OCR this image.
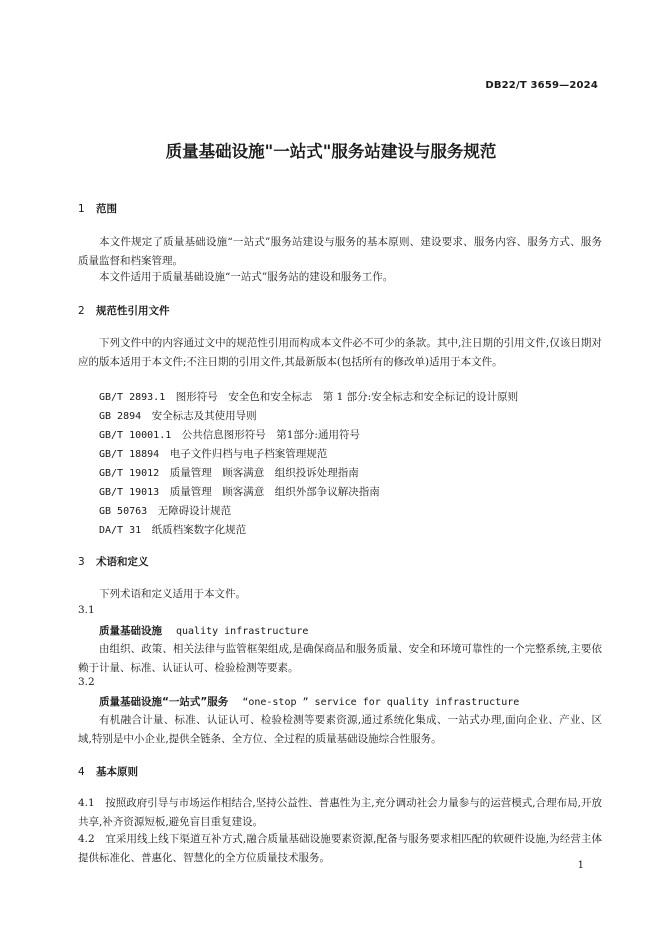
DB22/T 3659—2024
质量基础设施"一站式"服务站建设与服务规范
1 范围
本文件规定了质量基础设施“一站式”服务站建设与服务的基本原则、建设要求、服务内容、服务方式、服务质量监督和档案管理。
本文件适用于质量基础设施“一站式”服务站的建设和服务工作。
2 规范性引用文件
下列文件中的内容通过文中的规范性引用而构成本文件必不可少的条款。其中,注日期的引用文件,仅该日期对应的版本适用于本文件;不注日期的引用文件,其最新版本(包括所有的修改单)适用于本文件。
GB/T 2893.1　 图形符号　安全色和安全标志　第 1 部分:安全标志和安全标记的设计原则
GB 2894　 安全标志及其使用导则
GB/T 10001.1　 公共信息图形符号　第1部分:通用符号
GB/T 18894　 电子文件归档与电子档案管理规范
GB/T 19012　 质量管理　顾客满意　组织投诉处理指南
GB/T 19013　 质量管理　顾客满意　组织外部争议解决指南
GB 50763　 无障碍设计规范
DA/T 31　 纸质档案数字化规范
3 术语和定义
下列术语和定义适用于本文件。
3.1
质量基础设施 quality infrastructure
由组织、政策、相关法律与监管框架组成,是确保商品和服务质量、安全和环境可靠性的一个完整系统,主要依赖于计量、标准、认证认可、检验检测等要素。
3.2
质量基础设施“一站式”服务 “one-stop ” service for quality infrastructure
有机融合计量、标准、认证认可、检验检测等要素资源,通过系统化集成、一站式办理,面向企业、产业、区域,特别是中小企业,提供全链条、全方位、全过程的质量基础设施综合性服务。
4 基本原则
4.1　 按照政府引导与市场运作相结合,坚持公益性、普惠性为主,充分调动社会力量参与的运营模式,合理布局,开放共享,补齐资源短板,避免盲目重复建设。
4.2　 宜采用线上线下渠道互补方式,融合质量基础设施要素资源,配备与服务要求相匹配的软硬件设施,为经营主体提供标准化、普惠化、智慧化的全方位质量技术服务。
1
